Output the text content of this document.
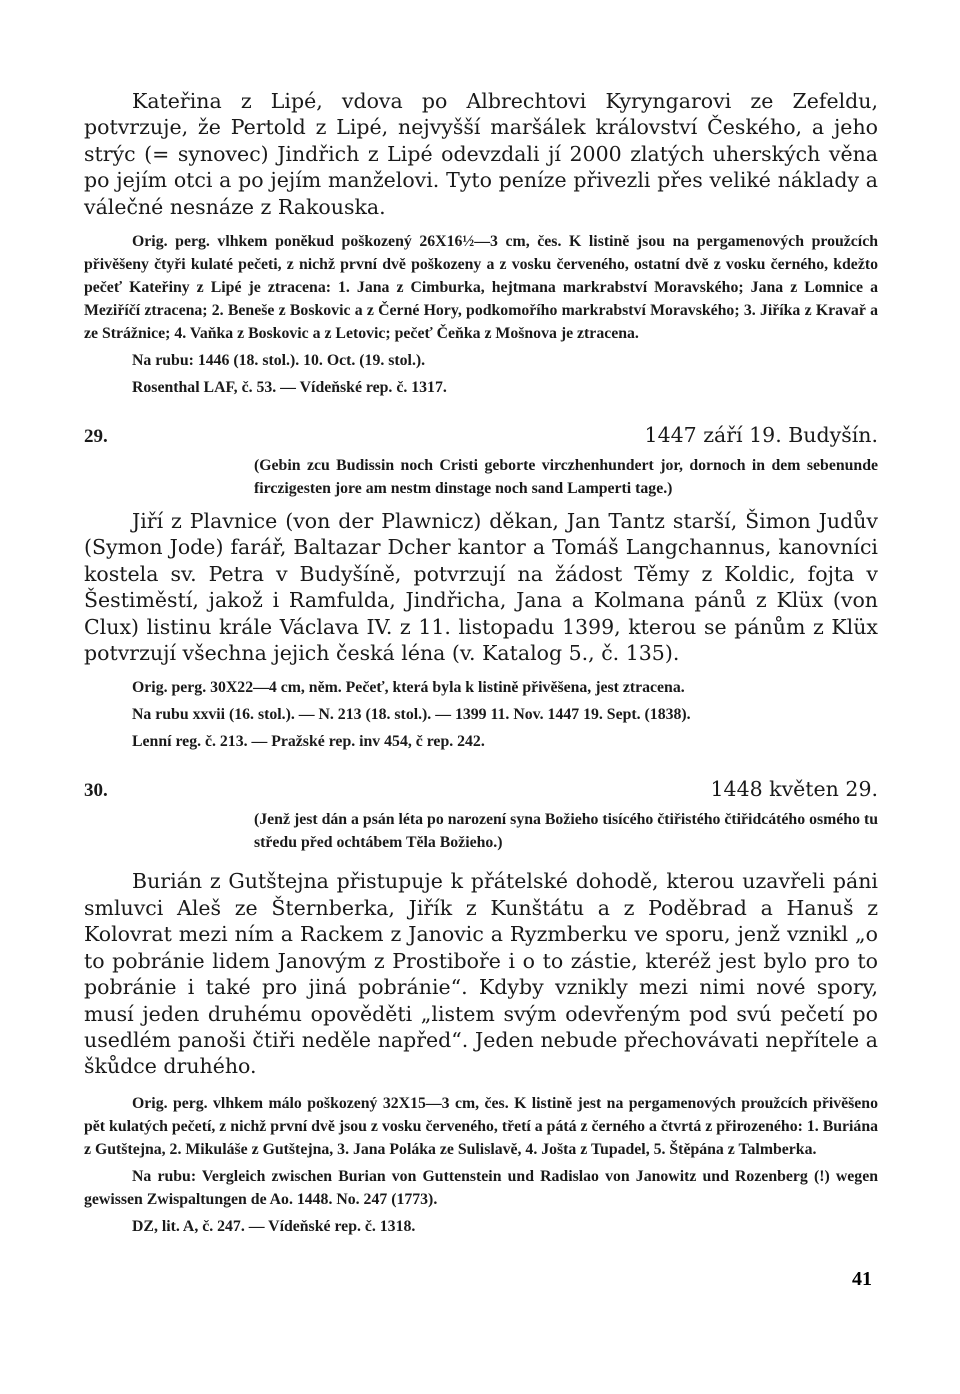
Kateřina z Lipé, vdova po Albrechtovi Kyryngarovi ze Zefeldu, potvrzuje, že Pertold z Lipé, nejvyšší maršálek království Českého, a jeho strýc (= synovec) Jindřich z Lipé odevzdali jí 2000 zlatých uherských věna po jejím otci a po jejím manželovi. Tyto peníze přivezli přes veliké náklady a válečné nesnáze z Rakouska.

Orig. perg. vlhkem poněkud poškozený 26X16½—3 cm, čes. K listině jsou na pergamenových proužcích přivěšeny čtyři kulaté pečeti, z nichž první dvě poškozeny a z vosku červeného, ostatní dvě z vosku černého, kdežto pečeť Kateřiny z Lipé je ztracena: 1. Jana z Cimburka, hejtmana markrabství Moravského; Jana z Lomnice a Meziříčí ztracena; 2. Beneše z Boskovic a z Černé Hory, podkomořího markrabství Moravského; 3. Jiříka z Kravař a ze Strážnice; 4. Vaňka z Boskovic a z Letovic; pečeť Čeňka z Mošnova je ztracena.

Na rubu: 1446 (18. stol.). 10. Oct. (19. stol.).

Rosenthal LAF, č. 53. — Vídeňské rep. č. 1317.

29.	1447 září 19. Budyšín.

(Gebin zcu Budissin noch Cristi geborte virczhenhundert jor, dornoch in dem sebenunde firczigesten jore am nestm dinstage noch sand Lamperti tage.)

Jiří z Plavnice (von der Plawnicz) děkan, Jan Tantz starší, Šimon Judův (Symon Jode) farář, Baltazar Dcher kantor a Tomáš Langchannus, kanovníci kostela sv. Petra v Budyšíně, potvrzují na žádost Těmy z Koldic, fojta v Šestiměstí, jakož i Ramfulda, Jindřicha, Jana a Kolmana pánů z Klüx (von Clux) listinu krále Václava IV. z 11. listopadu 1399, kterou se pánům z Klüx potvrzují všechna jejich česká léna (v. Katalog 5., č. 135).

Orig. perg. 30X22—4 cm, něm. Pečeť, která byla k listině přivěšena, jest ztracena.

Na rubu xxvii (16. stol.). — N. 213 (18. stol.). — 1399 11. Nov. 1447 19. Sept. (1838).

Lenní reg. č. 213. — Pražské rep. inv 454, č rep. 242.

30.	1448 květen 29.

(Jenž jest dán a psán léta po narození syna Božieho tisícého čtiřistého čtiřidcátého osmého tu středu před ochtábem Těla Božieho.)

Burián z Gutštejna přistupuje k přátelské dohodě, kterou uzavřeli páni smluvci Aleš ze Šternberka, Jiřík z Kunštátu a z Poděbrad a Hanuš z Kolovrat mezi ním a Rackem z Janovic a Ryzmberku ve sporu, jenž vznikl „o to pobránie lidem Janovým z Prostiboře i o to zástie, kteréž jest bylo pro to pobránie i také pro jiná pobránie“. Kdyby vznikly mezi nimi nové spory, musí jeden druhému opověděti „listem svým odevřeným pod svú pečetí po usedlém panoši čtiři neděle napřed“. Jeden nebude přechovávati nepřítele a škůdce druhého.

Orig. perg. vlhkem málo poškozený 32X15—3 cm, čes. K listině jest na pergamenových proužcích přivěšeno pět kulatých pečetí, z nichž první dvě jsou z vosku červeného, třetí a pátá z černého a čtvrtá z přirozeného: 1. Buriána z Gutštejna, 2. Mikuláše z Gutštejna, 3. Jana Poláka ze Sulislavě, 4. Jošta z Tupadel, 5. Štěpána z Talmberka.

Na rubu: Vergleich zwischen Burian von Guttenstein und Radislao von Janowitz und Rozenberg (!) wegen gewissen Zwispaltungen de Ao. 1448. No. 247 (1773).

DZ, lit. A, č. 247. — Vídeňské rep. č. 1318.

41
